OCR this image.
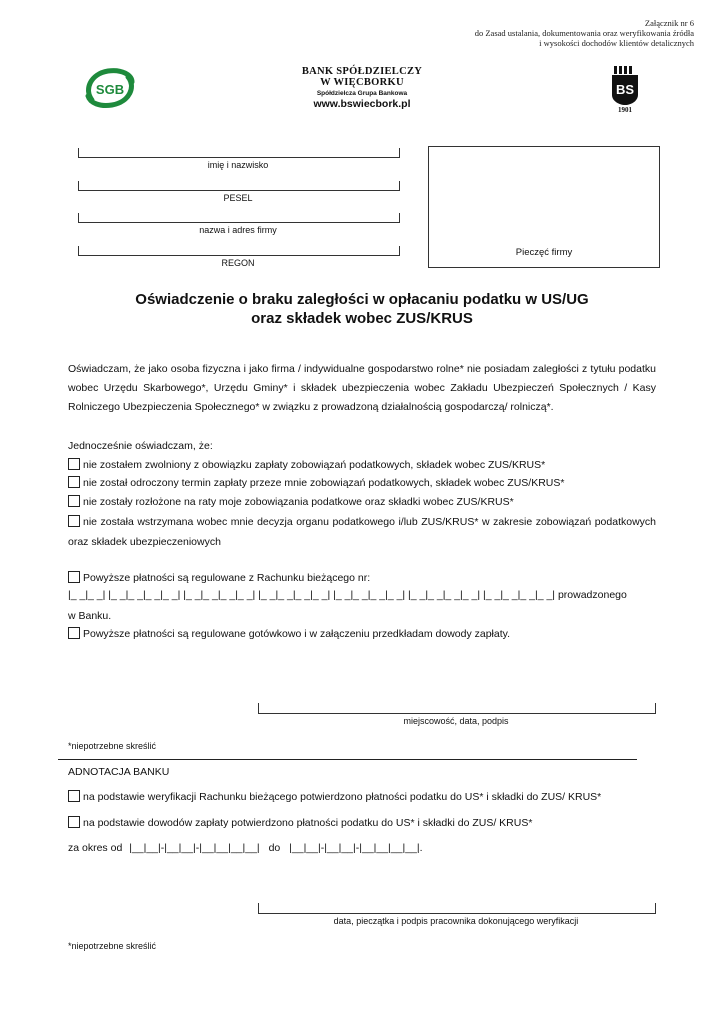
Załącznik nr 6
do Zasad ustalania, dokumentowania oraz weryfikowania źródła
i wysokości dochodów klientów detalicznych
SGB
BANK SPÓŁDZIELCZY
W WIĘCBORKU
Spółdzielcza Grupa Bankowa
www.bswiecbork.pl
BS
1901
imię i nazwisko
PESEL
nazwa i adres firmy
REGON
Pieczęć firmy
Oświadczenie o braku zaległości w opłacaniu podatku w US/UG
oraz składek wobec ZUS/KRUS
Oświadczam, że jako osoba fizyczna i jako firma / indywidualne gospodarstwo rolne* nie posiadam zaległości z tytułu podatku wobec Urzędu Skarbowego*, Urzędu Gminy* i składek ubezpieczenia wobec Zakładu Ubezpieczeń Społecznych / Kasy Rolniczego Ubezpieczenia Społecznego* w związku z prowadzoną działalnością gospodarczą/ rolniczą*.
Jednocześnie oświadczam, że:
nie zostałem zwolniony z obowiązku zapłaty zobowiązań podatkowych, składek wobec ZUS/KRUS*
nie został odroczony termin zapłaty przeze mnie zobowiązań podatkowych, składek wobec ZUS/KRUS*
nie zostały rozłożone na raty moje zobowiązania podatkowe oraz składki wobec ZUS/KRUS*
nie została wstrzymana wobec mnie decyzja organu podatkowego i/lub ZUS/KRUS* w zakresie zobowiązań podatkowych oraz składek ubezpieczeniowych
Powyższe płatności są regulowane z Rachunku bieżącego nr:
|_ _|_ _| |_ _|_ _|_ _|_ _| |_ _|_ _|_ _|_ _| |_ _|_ _|_ _|_ _| |_ _|_ _|_ _|_ _| |_ _|_ _|_ _|_ _| |_ _|_ _|_ _|_ _| prowadzonego
w Banku.
Powyższe płatności są regulowane gotówkowo i w załączeniu przedkładam dowody zapłaty.
miejscowość, data, podpis
*niepotrzebne skreślić
ADNOTACJA BANKU
na podstawie weryfikacji Rachunku bieżącego potwierdzono płatności podatku do US* i składki do ZUS/ KRUS*
na podstawie dowodów zapłaty potwierdzono płatności podatku do US* i składki do ZUS/ KRUS*
za okres od |__|__|-|__|__|-|__|__|__|__| do |__|__|-|__|__|-|__|__|__|__|.
data, pieczątka i podpis pracownika dokonującego weryfikacji
*niepotrzebne skreślić
